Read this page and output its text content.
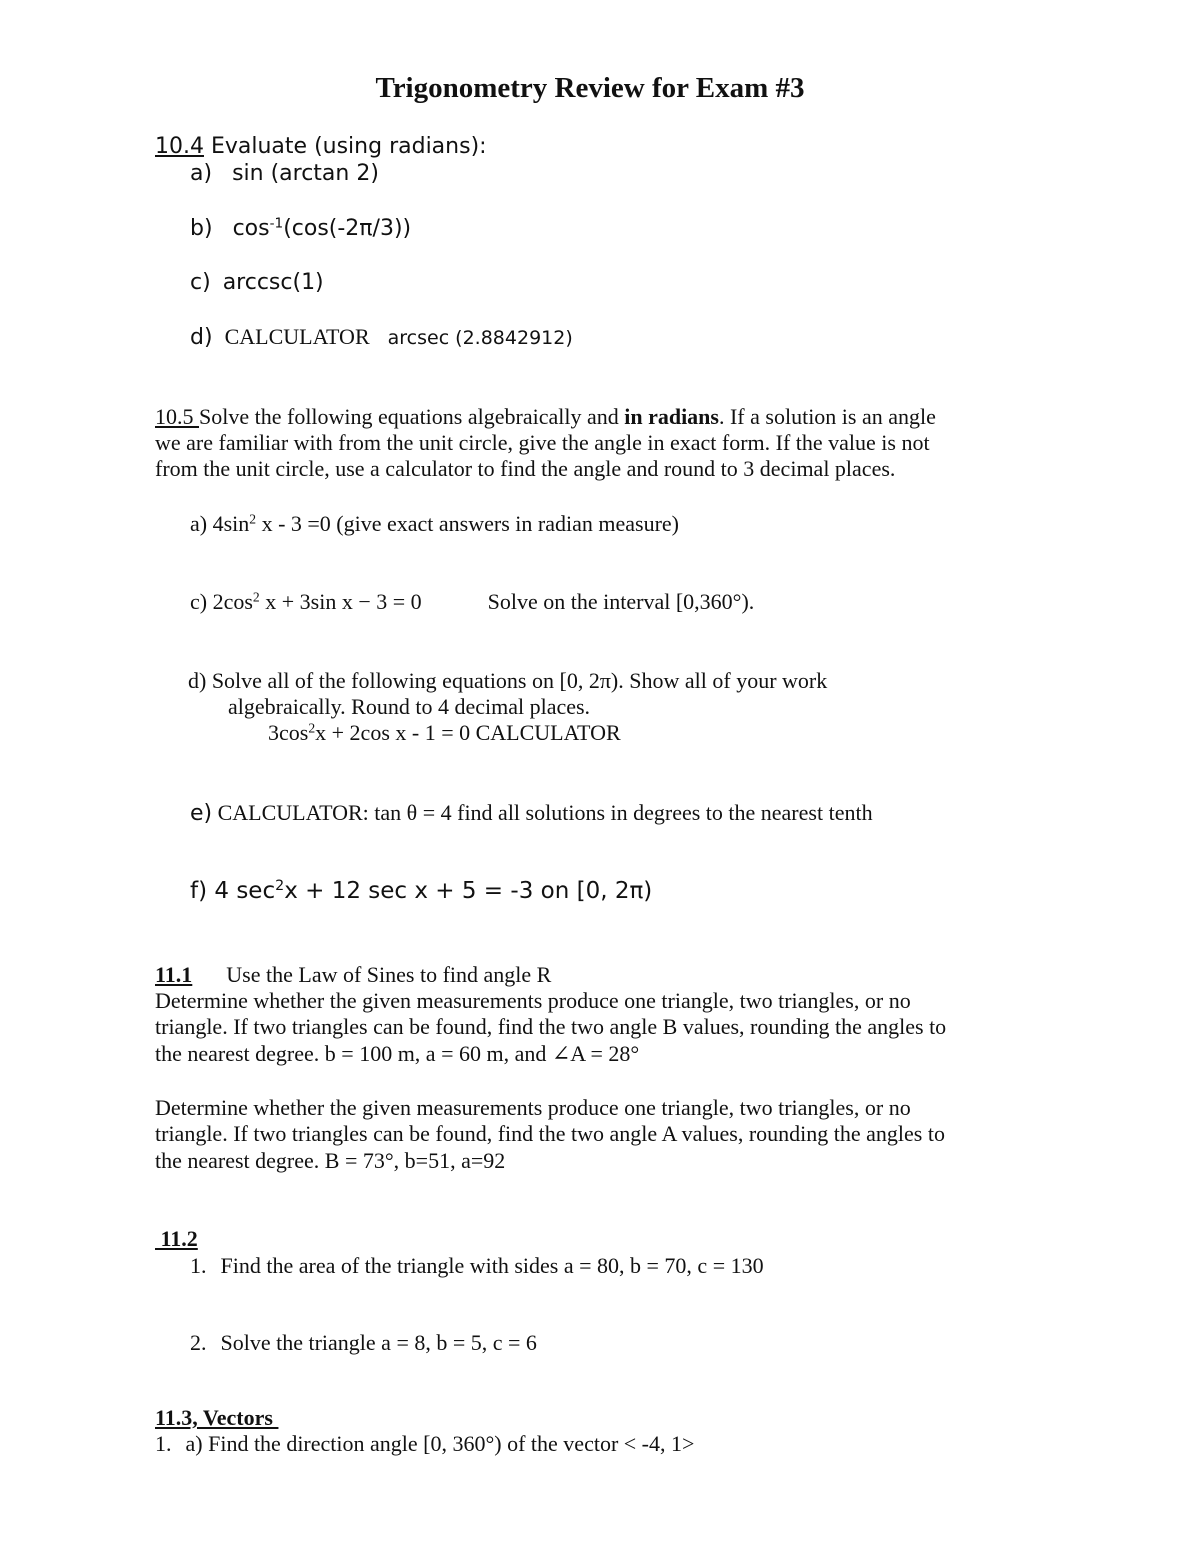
Trigonometry Review for Exam #3
10.4 Evaluate (using radians):
a) sin (arctan 2)
b) $\cos^{-1}(\cos(-2\pi/3))$
c) arccsc(1)
d) CALCULATOR arcsec (2.8842912)
10.5 Solve the following equations algebraically and in radians. If a solution is an angle
we are familiar with from the unit circle, give the angle in exact form. If the value is not
from the unit circle, use a calculator to find the angle and round to 3 decimal places.
a) $4\sin^2$ x - 3 =0 (give exact answers in radian measure)
c) $2\cos^2$ x + 3sin x − 3 = 0	Solve on the interval [0,360°).
d) Solve all of the following equations on [0, 2π). Show all of your work
algebraically. Round to 4 decimal places.
$3\cos^2x + 2\cos$ x - 1 = 0 CALCULATOR
e) CALCULATOR: tan θ = 4 find all solutions in degrees to the nearest tenth
f) 4 $\sec^2x + 12$ sec x + 5 = -3 on [0, 2π)
11.1 Use the Law of Sines to find angle R
Determine whether the given measurements produce one triangle, two triangles, or no
triangle. If two triangles can be found, find the two angle B values, rounding the angles to
the nearest degree. b = 100 m, a = 60 m, and ∠A = 28°
Determine whether the given measurements produce one triangle, two triangles, or no
triangle. If two triangles can be found, find the two angle A values, rounding the angles to
the nearest degree. B = 73°, b=51, a=92
11.2
1. Find the area of the triangle with sides a = 80, b = 70, c = 130
2. Solve the triangle a = 8, b = 5, c = 6
11.3, Vectors
1. a) Find the direction angle [0, 360°) of the vector < -4, 1>
